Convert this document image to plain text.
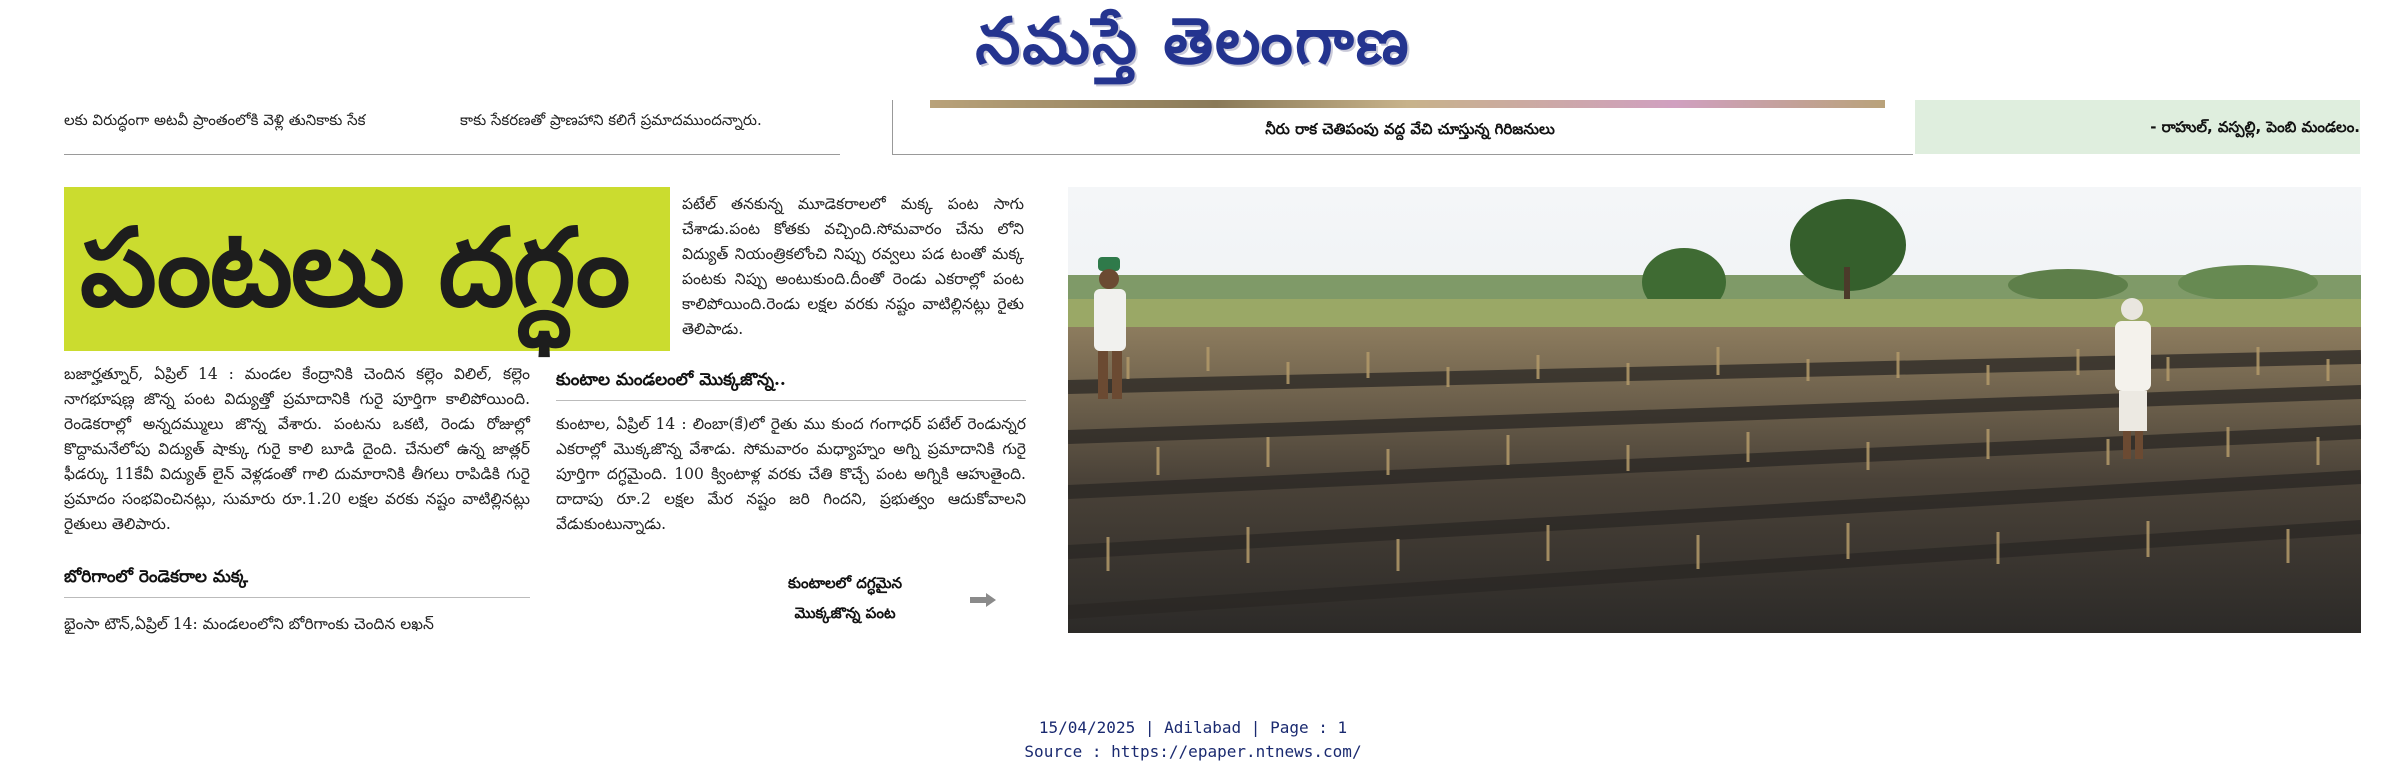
నమస్తే తెలంగాణ
లకు విరుద్ధంగా అటవీ ప్రాంతంలోకి వెళ్లి తునికాకు సేక	కాకు సేకరణతో ప్రాణహాని కలిగే ప్రమాదముందన్నారు.	నీరు రాక చెతిపంపు వద్ద వేచి చూస్తున్న గిరిజనులు	- రాహుల్, వస్పల్లి, పెంబి మండలం.
పంటలు దగ్ధం
పటేల్ తనకున్న మూడెకరాలలో మక్క పంట సాగు చేశాడు.పంట కోతకు వచ్చింది.సోమవారం చేను లోని విద్యుత్ నియంత్రికలోంచి నిప్పు రవ్వలు పడ టంతో మక్క పంటకు నిప్పు అంటుకుంది.దీంతో రెండు ఎకరాల్లో పంట కాలిపోయింది.రెండు లక్షల వరకు నష్టం వాటిల్లినట్లు రైతు తెలిపాడు.
బజార్హత్నూర్, ఏప్రిల్ 14 : మండల కేంద్రానికి చెందిన కల్లెం విలిల్, కల్లెం నాగభూషణ్ల జొన్న పంట విద్యుత్తో ప్రమాదానికి గురై పూర్తిగా కాలిపోయింది. రెండెకరాల్లో అన్నదమ్ములు జొన్న వేశారు. పంటను ఒకటి, రెండు రోజుల్లో కొద్దామనేలోపు విద్యుత్ షాక్కు గురై కాలి బూడి దైంది. చేనులో ఉన్న జాత్లర్ ఫీడర్కు 11కేవీ విద్యుత్ లైన్ వెళ్లడంతో గాలి దుమారానికి తీగలు రాపిడికి గురై ప్రమాదం సంభవించినట్లు, సుమారు రూ.1.20 లక్షల వరకు నష్టం వాటిల్లినట్లు రైతులు తెలిపారు.
బోరిగాంలో రెండెకరాల మక్క
భైంసా టౌన్,ఏప్రిల్ 14: మండలంలోని బోరిగాంకు చెందిన లఖన్
కుంటాల మండలంలో మొక్కజొన్న..
కుంటాల, ఏప్రిల్ 14 : లింబా(కే)లో రైతు ము కుంద గంగాధర్ పటేల్ రెండున్నర ఎకరాల్లో మొక్కజొన్న వేశాడు. సోమవారం మధ్యాహ్నం అగ్ని ప్రమాదానికి గురై పూర్తిగా దగ్ధమైంది. 100 క్వింటాళ్ల వరకు చేతి కొచ్చే పంట అగ్నికి ఆహుతైంది. దాదాపు రూ.2 లక్షల మేర నష్టం జరి గిందని, ప్రభుత్వం ఆదుకోవాలని వేడుకుంటున్నాడు.
కుంటాలలో దగ్ధమైన
మొక్కజొన్న పంట
15/04/2025 | Adilabad | Page : 1
Source : https://epaper.ntnews.com/
